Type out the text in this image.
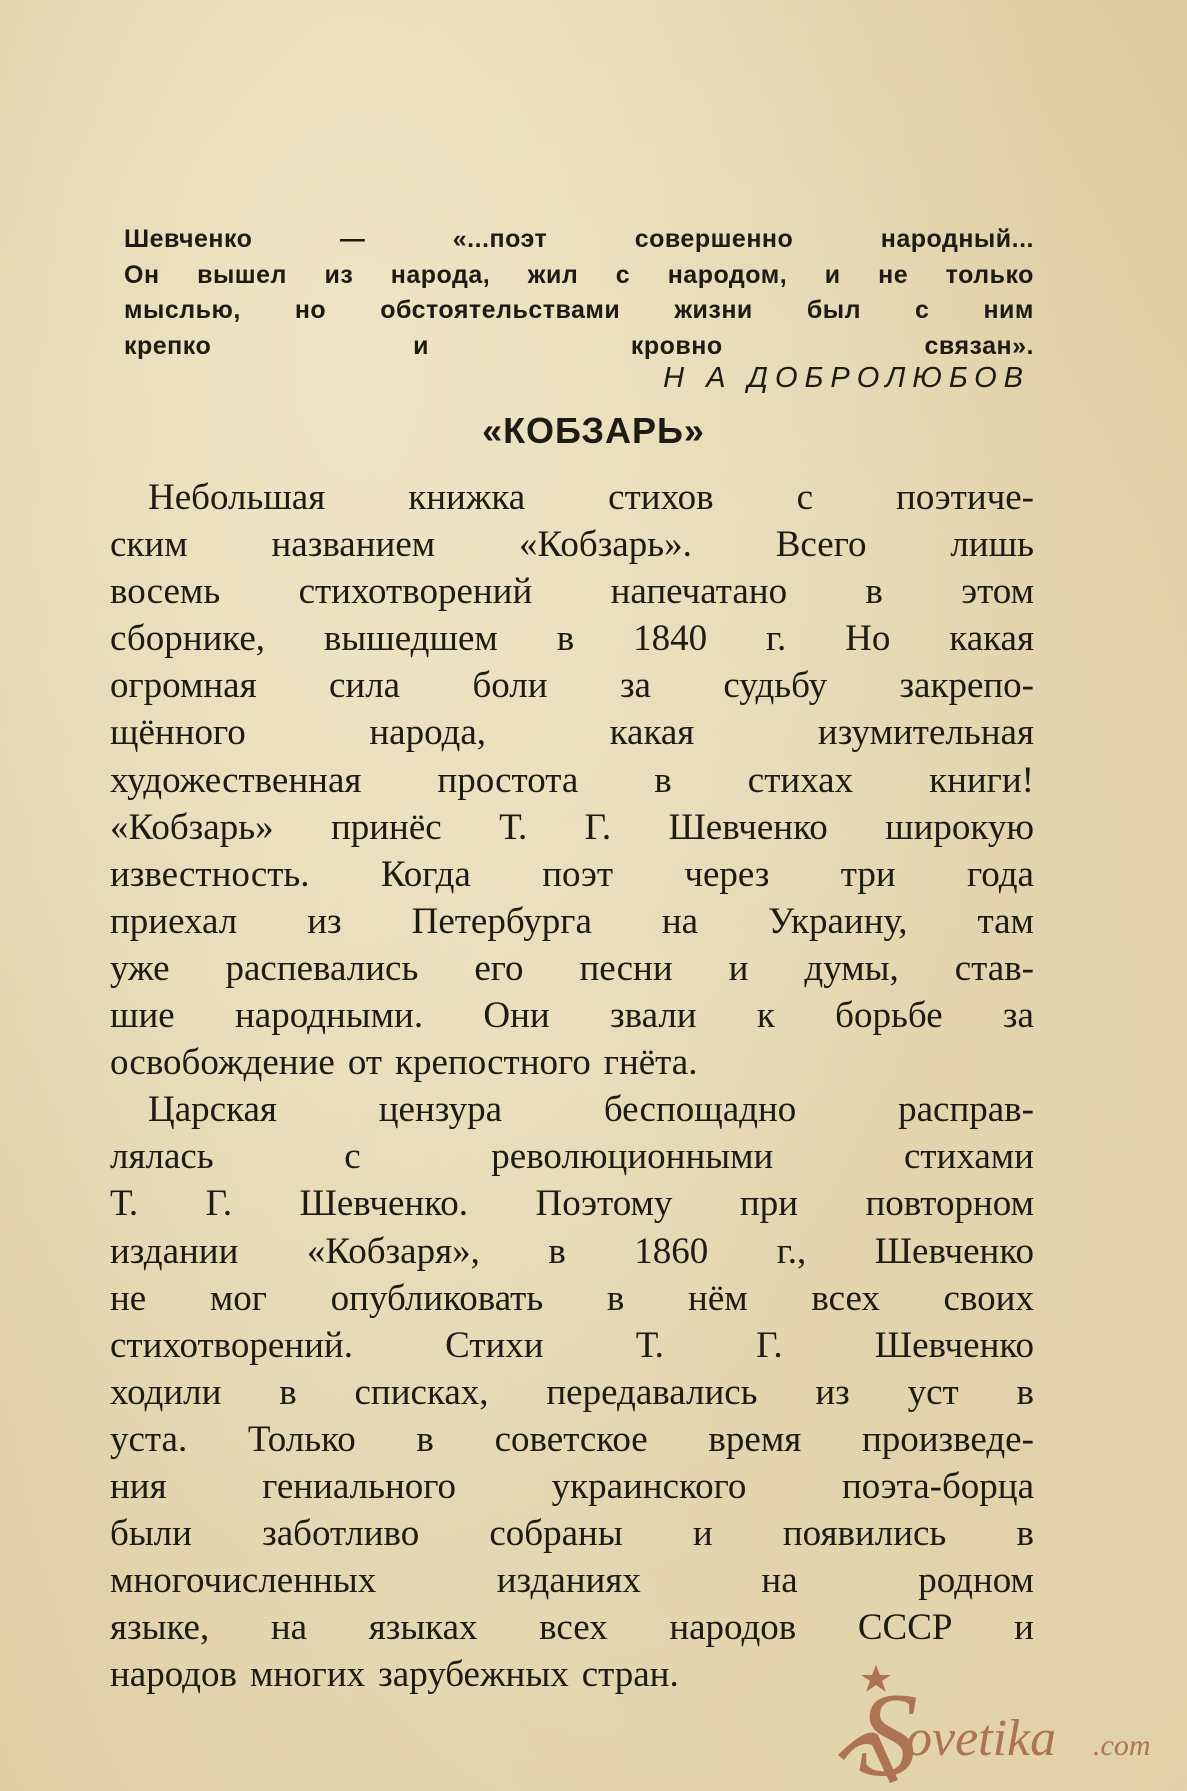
Шевченко	—	«...поэт	совершенно	народный...
Он вышел из народа, жил с народом, и не только
мыслью, но обстоятельствами жизни был с ним
крепко	и	кровно	связан».
Н А ДОБРОЛЮБОВ
«КОБЗАРЬ»
Небольшая книжка стихов с поэтиче-
ским названием «Кобзарь». Всего лишь
восемь стихотворений напечатано в этом
сборнике, вышедшем в 1840 г. Но какая
огромная сила боли за судьбу закрепо-
щённого	народа,	какая	изумительная
художественная простота в стихах книги!
«Кобзарь» принёс Т. Г. Шевченко широкую
известность. Когда поэт через три года
приехал из Петербурга на Украину, там
уже распевались его песни и думы, став-
шие народными. Они звали к борьбе за
освобождение от крепостного гнёта.
Царская	цензура	беспощадно	расправ-
лялась	с	революционными	стихами
Т. Г. Шевченко. Поэтому при повторном
издании «Кобзаря», в 1860 г., Шевченко
не мог опубликовать в нём всех своих
стихотворений. Стихи Т. Г. Шевченко
ходили в списках, передавались из уст в
уста. Только в советское время произведе-
ния	гениального	украинского	поэта-борца
были заботливо собраны и появились в
многочисленных	изданиях	на	родном
языке, на языках всех народов СССР и
народов многих зарубежных стран. S
ovetika .com
